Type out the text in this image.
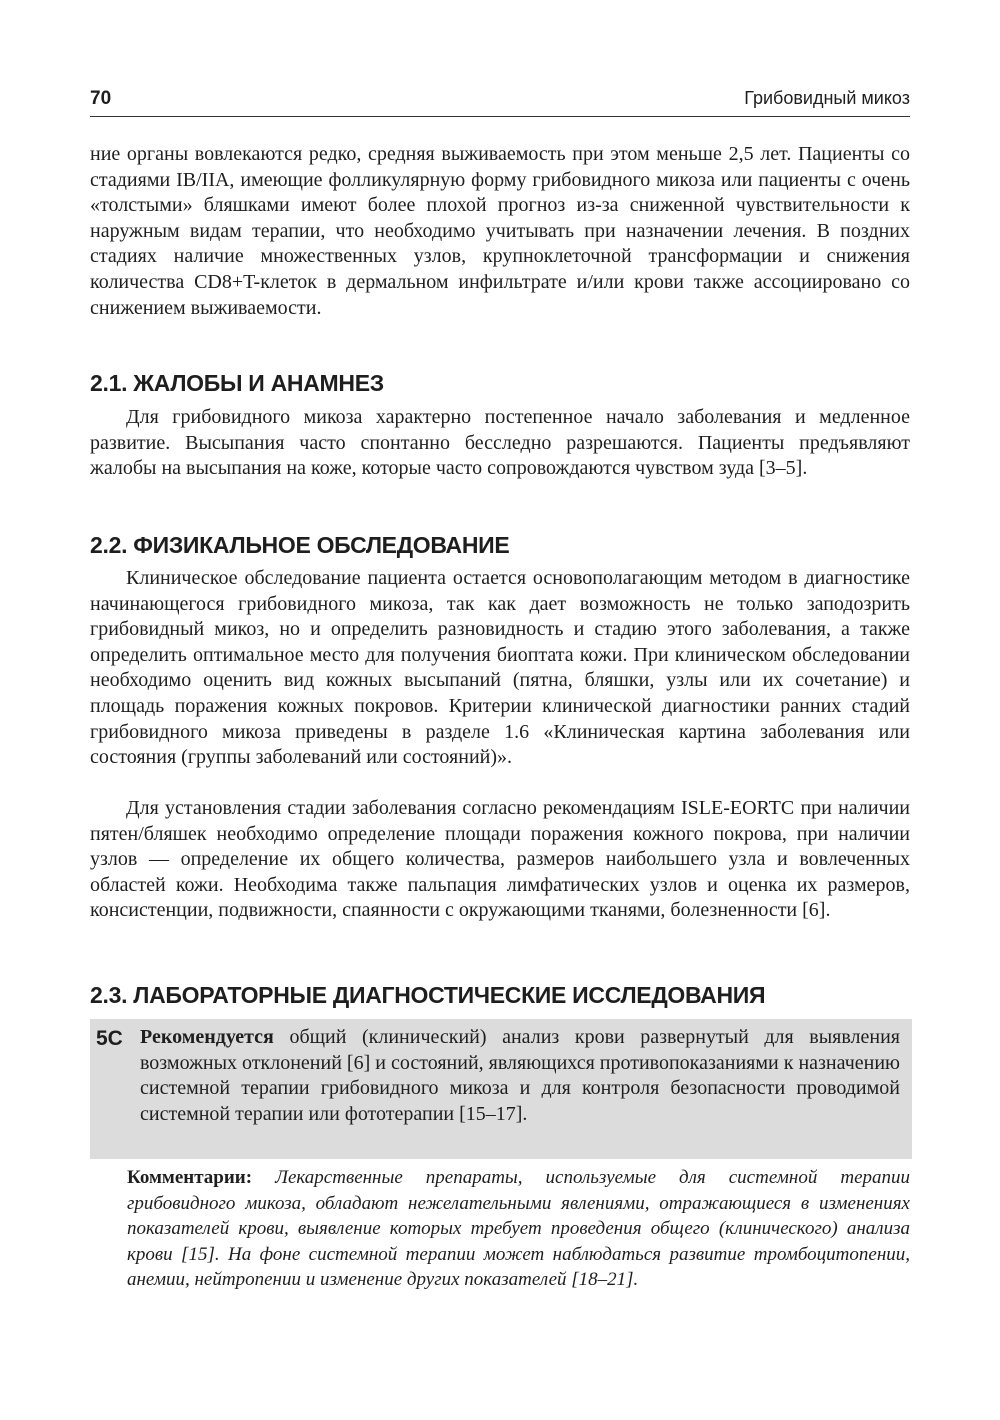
70	Грибовидный микоз

ние органы вовлекаются редко, средняя выживаемость при этом меньше 2,5 лет. Пациенты со стадиями IB/IIA, имеющие фолликулярную форму грибовидного микоза или пациенты с очень «толстыми» бляшками имеют более плохой прогноз из-за сниженной чувствительности к наружным видам терапии, что необходимо учитывать при назначении лечения. В поздних стадиях наличие множественных узлов, крупноклеточной трансформации и снижения количества CD8+T-клеток в дермальном инфильтрате и/или крови также ассоциировано со снижением выживаемости.

2.1. ЖАЛОБЫ И АНАМНЕЗ

Для грибовидного микоза характерно постепенное начало заболевания и медленное развитие. Высыпания часто спонтанно бесследно разрешаются. Пациенты предъявляют жалобы на высыпания на коже, которые часто сопровождаются чувством зуда [3–5].

2.2. ФИЗИКАЛЬНОЕ ОБСЛЕДОВАНИЕ

Клиническое обследование пациента остается основополагающим методом в диагностике начинающегося грибовидного микоза, так как дает возможность не только заподозрить грибовидный микоз, но и определить разновидность и стадию этого заболевания, а также определить оптимальное место для получения биоптата кожи. При клиническом обследовании необходимо оценить вид кожных высыпаний (пятна, бляшки, узлы или их сочетание) и площадь поражения кожных покровов. Критерии клинической диагностики ранних стадий грибовидного микоза приведены в разделе 1.6 «Клиническая картина заболевания или состояния (группы заболеваний или состояний)».

Для установления стадии заболевания согласно рекомендациям ISLE-EORTC при наличии пятен/бляшек необходимо определение площади поражения кожного покрова, при наличии узлов — определение их общего количества, размеров наибольшего узла и вовлеченных областей кожи. Необходима также пальпация лимфатических узлов и оценка их размеров, консистенции, подвижности, спаянности с окружающими тканями, болезненности [6].

2.3. ЛАБОРАТОРНЫЕ ДИАГНОСТИЧЕСКИЕ ИССЛЕДОВАНИЯ
5C Рекомендуется общий (клинический) анализ крови развернутый для выявления возможных отклонений [6] и состояний, являющихся противопоказаниями к назначению системной терапии грибовидного микоза и для контроля безопасности проводимой системной терапии или фототерапии [15–17].

Комментарии: Лекарственные препараты, используемые для системной терапии грибовидного микоза, обладают нежелательными явлениями, отражающиеся в изменениях показателей крови, выявление которых требует проведения общего (клинического) анализа крови [15]. На фоне системной терапии может наблюдаться развитие тромбоцитопении, анемии, нейтропении и изменение других показателей [18–21].
